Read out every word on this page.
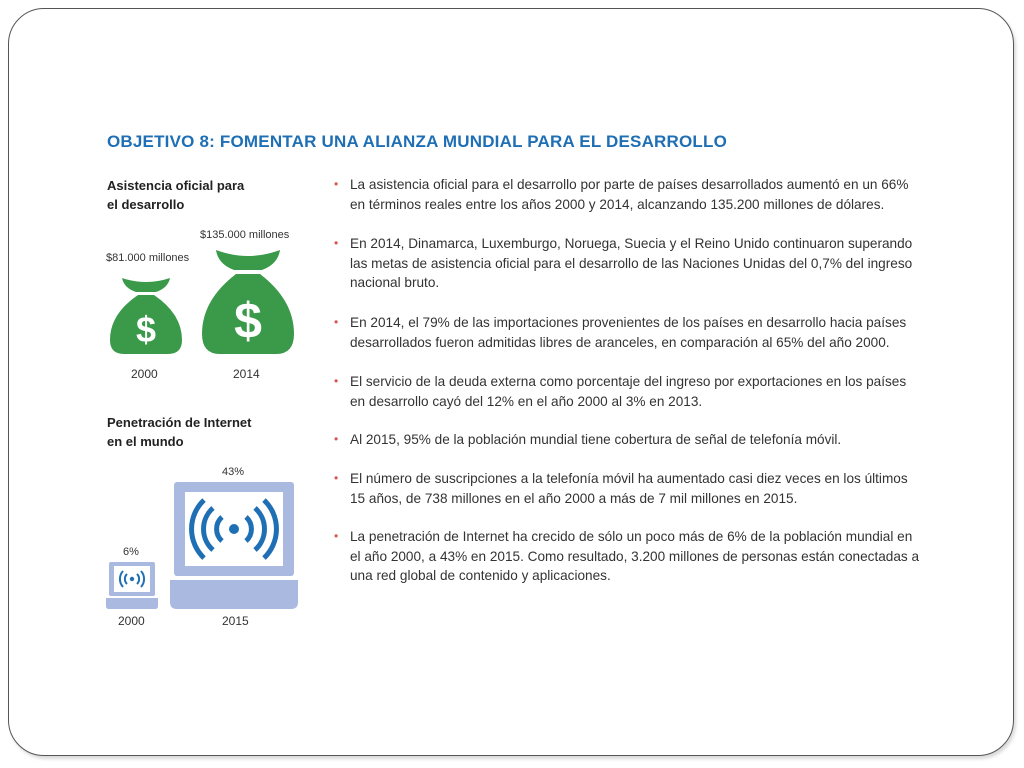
OBJETIVO 8: FOMENTAR UNA ALIANZA MUNDIAL PARA EL DESARROLLO
Asistencia oficial para
el desarrollo
$81.000 millones
$135.000 millones
$ $
2000	2014
Penetración de Internet
en el mundo
6%
43%
2000	2015
• La asistencia oficial para el desarrollo por parte de países desarrollados aumentó en un 66% en términos reales entre los años 2000 y 2014, alcanzando 135.200 millones de dólares.
• En 2014, Dinamarca, Luxemburgo, Noruega, Suecia y el Reino Unido continuaron superando las metas de asistencia oficial para el desarrollo de las Naciones Unidas del 0,7% del ingreso nacional bruto.
• En 2014, el 79% de las importaciones provenientes de los países en desarrollo hacia países desarrollados fueron admitidas libres de aranceles, en comparación al 65% del año 2000.
• El servicio de la deuda externa como porcentaje del ingreso por exportaciones en los países en desarrollo cayó del 12% en el año 2000 al 3% en 2013.
• Al 2015, 95% de la población mundial tiene cobertura de señal de telefonía móvil.
• El número de suscripciones a la telefonía móvil ha aumentado casi diez veces en los últimos 15 años, de 738 millones en el año 2000 a más de 7 mil millones en 2015.
• La penetración de Internet ha crecido de sólo un poco más de 6% de la población mundial en el año 2000, a 43% en 2015. Como resultado, 3.200 millones de personas están conectadas a una red global de contenido y aplicaciones.
